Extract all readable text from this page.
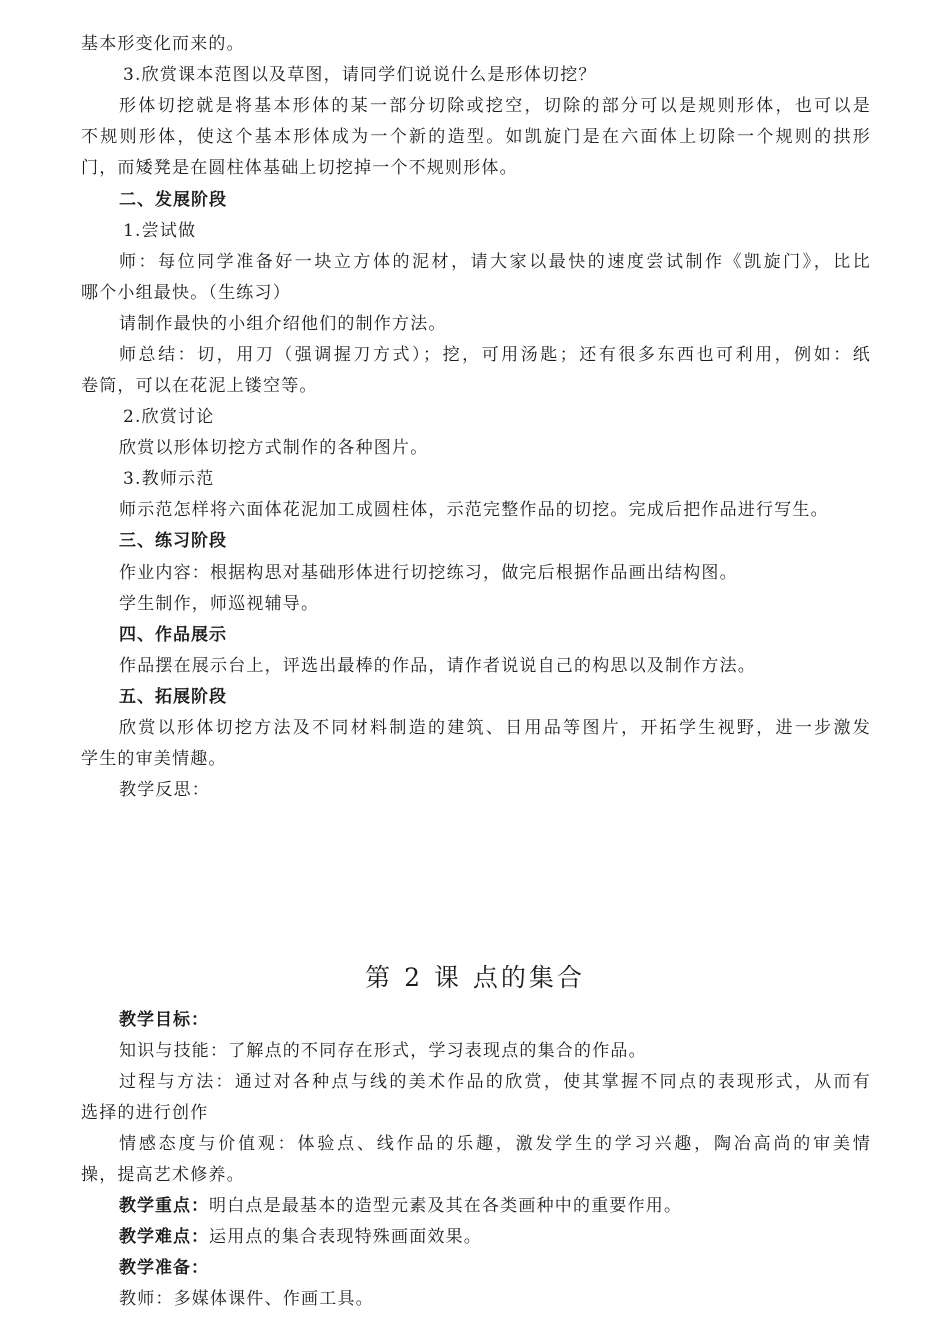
基本形变化而来的。
3.欣赏课本范图以及草图，请同学们说说什么是形体切挖？
形体切挖就是将基本形体的某一部分切除或挖空，切除的部分可以是规则形体，也可以是
不规则形体，使这个基本形体成为一个新的造型。如凯旋门是在六面体上切除一个规则的拱形
门，而矮凳是在圆柱体基础上切挖掉一个不规则形体。
二、发展阶段
1.尝试做
师：每位同学准备好一块立方体的泥材，请大家以最快的速度尝试制作《凯旋门》，比比
哪个小组最快。（生练习）
请制作最快的小组介绍他们的制作方法。
师总结：切，用刀（强调握刀方式）；挖，可用汤匙；还有很多东西也可利用，例如：纸
卷筒，可以在花泥上镂空等。
2.欣赏讨论
欣赏以形体切挖方式制作的各种图片。
3.教师示范
师示范怎样将六面体花泥加工成圆柱体，示范完整作品的切挖。完成后把作品进行写生。
三、练习阶段
作业内容：根据构思对基础形体进行切挖练习，做完后根据作品画出结构图。
学生制作，师巡视辅导。
四、作品展示
作品摆在展示台上，评选出最棒的作品，请作者说说自己的构思以及制作方法。
五、拓展阶段
欣赏以形体切挖方法及不同材料制造的建筑、日用品等图片，开拓学生视野，进一步激发
学生的审美情趣。
教学反思：
第 2 课 点的集合
教学目标：
知识与技能：了解点的不同存在形式，学习表现点的集合的作品。
过程与方法：通过对各种点与线的美术作品的欣赏，使其掌握不同点的表现形式，从而有
选择的进行创作
情感态度与价值观：体验点、线作品的乐趣，激发学生的学习兴趣，陶冶高尚的审美情
操，提高艺术修养。
教学重点：明白点是最基本的造型元素及其在各类画种中的重要作用。
教学难点：运用点的集合表现特殊画面效果。
教学准备：
教师：多媒体课件、作画工具。
